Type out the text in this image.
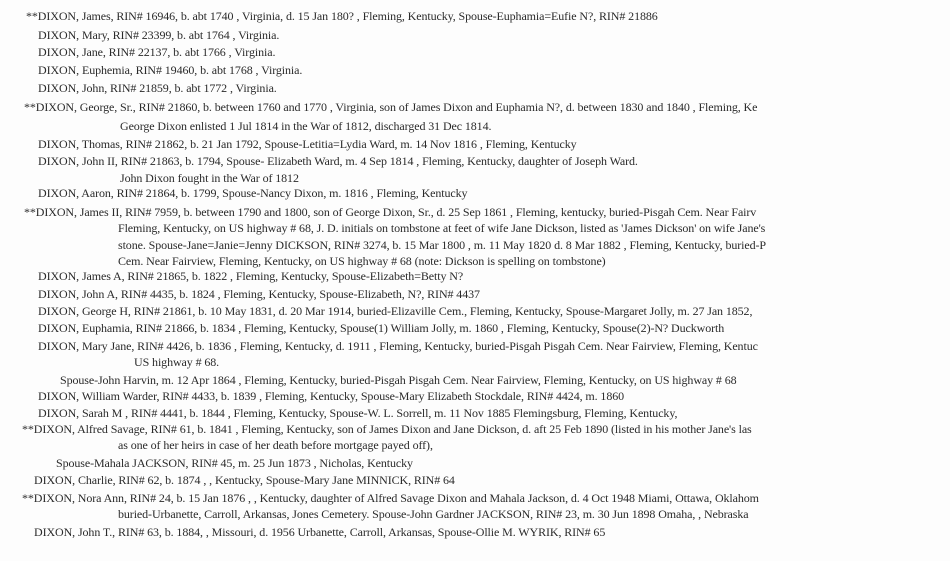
**DIXON, James, RIN# 16946, b. abt 1740 , Virginia, d. 15 Jan 180? , Fleming, Kentucky, Spouse-Euphamia=Eufie N?, RIN# 21886
DIXON, Mary, RIN# 23399, b. abt 1764 , Virginia.
DIXON, Jane, RIN# 22137, b. abt 1766 , Virginia.
DIXON, Euphemia, RIN# 19460, b. abt 1768 , Virginia.
DIXON, John, RIN# 21859, b. abt 1772 , Virginia.
**DIXON, George, Sr., RIN# 21860, b. between 1760 and 1770 , Virginia, son of James Dixon and Euphamia N?, d. between 1830 and 1840 , Fleming, Ke
George Dixon enlisted 1 Jul 1814 in the War of 1812, discharged 31 Dec 1814.
DIXON, Thomas, RIN# 21862, b. 21 Jan 1792, Spouse-Letitia=Lydia Ward, m. 14 Nov 1816 , Fleming, Kentucky
DIXON, John II, RIN# 21863, b. 1794, Spouse- Elizabeth Ward, m. 4 Sep 1814 , Fleming, Kentucky, daughter of Joseph Ward.
John Dixon fought in the War of 1812
DIXON, Aaron, RIN# 21864, b. 1799, Spouse-Nancy Dixon, m. 1816 , Fleming, Kentucky
**DIXON, James II, RIN# 7959, b. between 1790 and 1800, son of George Dixon, Sr., d. 25 Sep 1861 , Fleming, kentucky, buried-Pisgah Cem. Near Fairv
Fleming, Kentucky, on US highway # 68, J. D. initials on tombstone at feet of wife Jane Dickson, listed as 'James Dickson' on wife Jane's
stone. Spouse-Jane=Janie=Jenny DICKSON, RIN# 3274, b. 15 Mar 1800 , m. 11 May 1820 d. 8 Mar 1882 , Fleming, Kentucky, buried-P
Cem. Near Fairview, Fleming, Kentucky, on US highway # 68 (note: Dickson is spelling on tombstone)
DIXON, James A, RIN# 21865, b. 1822 , Fleming, Kentucky, Spouse-Elizabeth=Betty N?
DIXON, John A, RIN# 4435, b. 1824 , Fleming, Kentucky, Spouse-Elizabeth, N?, RIN# 4437
DIXON, George H, RIN# 21861, b. 10 May 1831, d. 20 Mar 1914, buried-Elizaville Cem., Fleming, Kentucky, Spouse-Margaret Jolly, m. 27 Jan 1852,
DIXON, Euphamia, RIN# 21866, b. 1834 , Fleming, Kentucky, Spouse(1) William Jolly, m. 1860 , Fleming, Kentucky, Spouse(2)-N? Duckworth
DIXON, Mary Jane, RIN# 4426, b. 1836 , Fleming, Kentucky, d. 1911 , Fleming, Kentucky, buried-Pisgah Pisgah Cem. Near Fairview, Fleming, Kentuc
US highway # 68.
Spouse-John Harvin, m. 12 Apr 1864 , Fleming, Kentucky, buried-Pisgah Pisgah Cem. Near Fairview, Fleming, Kentucky, on US highway # 68
DIXON, William Warder, RIN# 4433, b. 1839 , Fleming, Kentucky, Spouse-Mary Elizabeth Stockdale, RIN# 4424, m. 1860
DIXON, Sarah M , RIN# 4441, b. 1844 , Fleming, Kentucky, Spouse-W. L. Sorrell, m. 11 Nov 1885 Flemingsburg, Fleming, Kentucky,
**DIXON, Alfred Savage, RIN# 61, b. 1841 , Fleming, Kentucky, son of James Dixon and Jane Dickson, d. aft 25 Feb 1890 (listed in his mother Jane's las
as one of her heirs in case of her death before mortgage payed off),
Spouse-Mahala JACKSON, RIN# 45, m. 25 Jun 1873 , Nicholas, Kentucky
DIXON, Charlie, RIN# 62, b. 1874 , , Kentucky, Spouse-Mary Jane MINNICK, RIN# 64
**DIXON, Nora Ann, RIN# 24, b. 15 Jan 1876 , , Kentucky, daughter of Alfred Savage Dixon and Mahala Jackson, d. 4 Oct 1948 Miami, Ottawa, Oklahom
buried-Urbanette, Carroll, Arkansas, Jones Cemetery. Spouse-John Gardner JACKSON, RIN# 23, m. 30 Jun 1898 Omaha, , Nebraska
DIXON, John T., RIN# 63, b. 1884, , Missouri, d. 1956 Urbanette, Carroll, Arkansas, Spouse-Ollie M. WYRIK, RIN# 65
